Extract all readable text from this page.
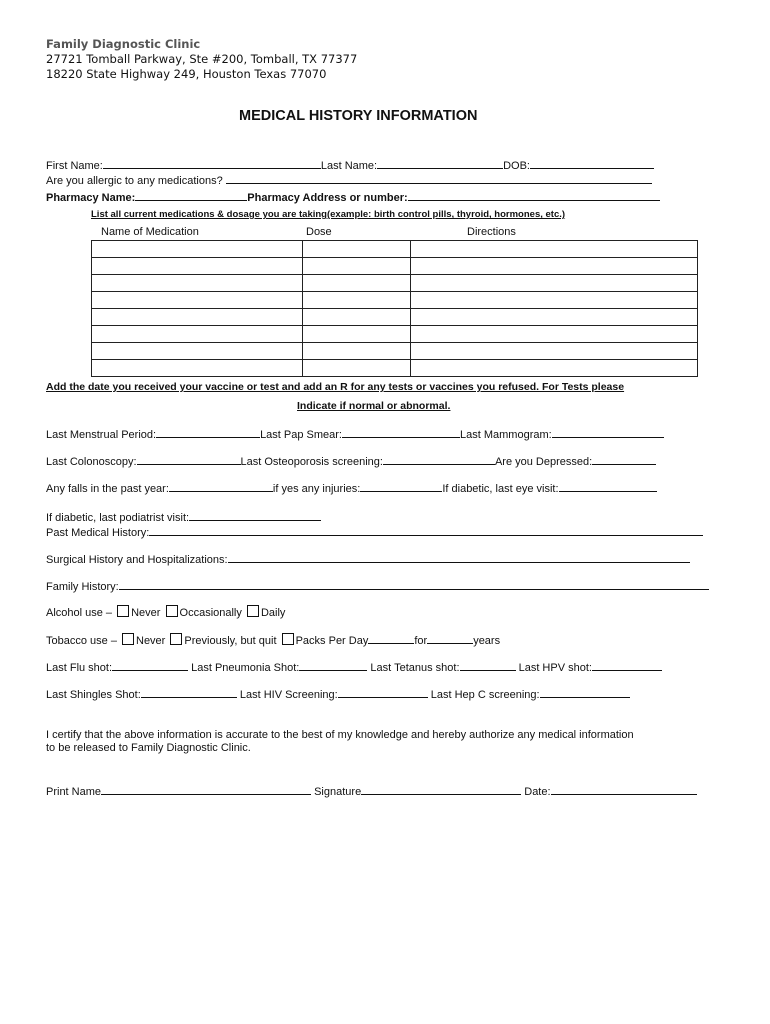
Family Diagnostic Clinic
27721 Tomball Parkway, Ste #200, Tomball, TX 77377
18220 State Highway 249, Houston Texas 77070
MEDICAL HISTORY INFORMATION
First Name:	Last Name:	DOB:
Are you allergic to any medications?
Pharmacy Name:	Pharmacy Address or number:
List all current medications & dosage you are taking(example: birth control pills, thyroid, hormones, etc.)
Name of Medication	Dose	Directions

Add the date you received your vaccine or test and add an R for any tests or vaccines you refused. For Tests please
Indicate if normal or abnormal.
Last Menstrual Period:	Last Pap Smear:	Last Mammogram:
Last Colonoscopy:	Last Osteoporosis screening:	Are you Depressed:
Any falls in the past year:	if yes any injuries:	If diabetic, last eye visit:
If diabetic, last podiatrist visit:
Past Medical History:
Surgical History and Hospitalizations:
Family History:
Alcohol use – Never Occasionally Daily
Tobacco use – Never Previously, but quit Packs Per Day	for	years
Last Flu shot:	Last Pneumonia Shot:	Last Tetanus shot:	Last HPV shot:
Last Shingles Shot:	Last HIV Screening:	Last Hep C screening:
I certify that the above information is accurate to the best of my knowledge and hereby authorize any medical information
to be released to Family Diagnostic Clinic.
Print Name	Signature	Date:
